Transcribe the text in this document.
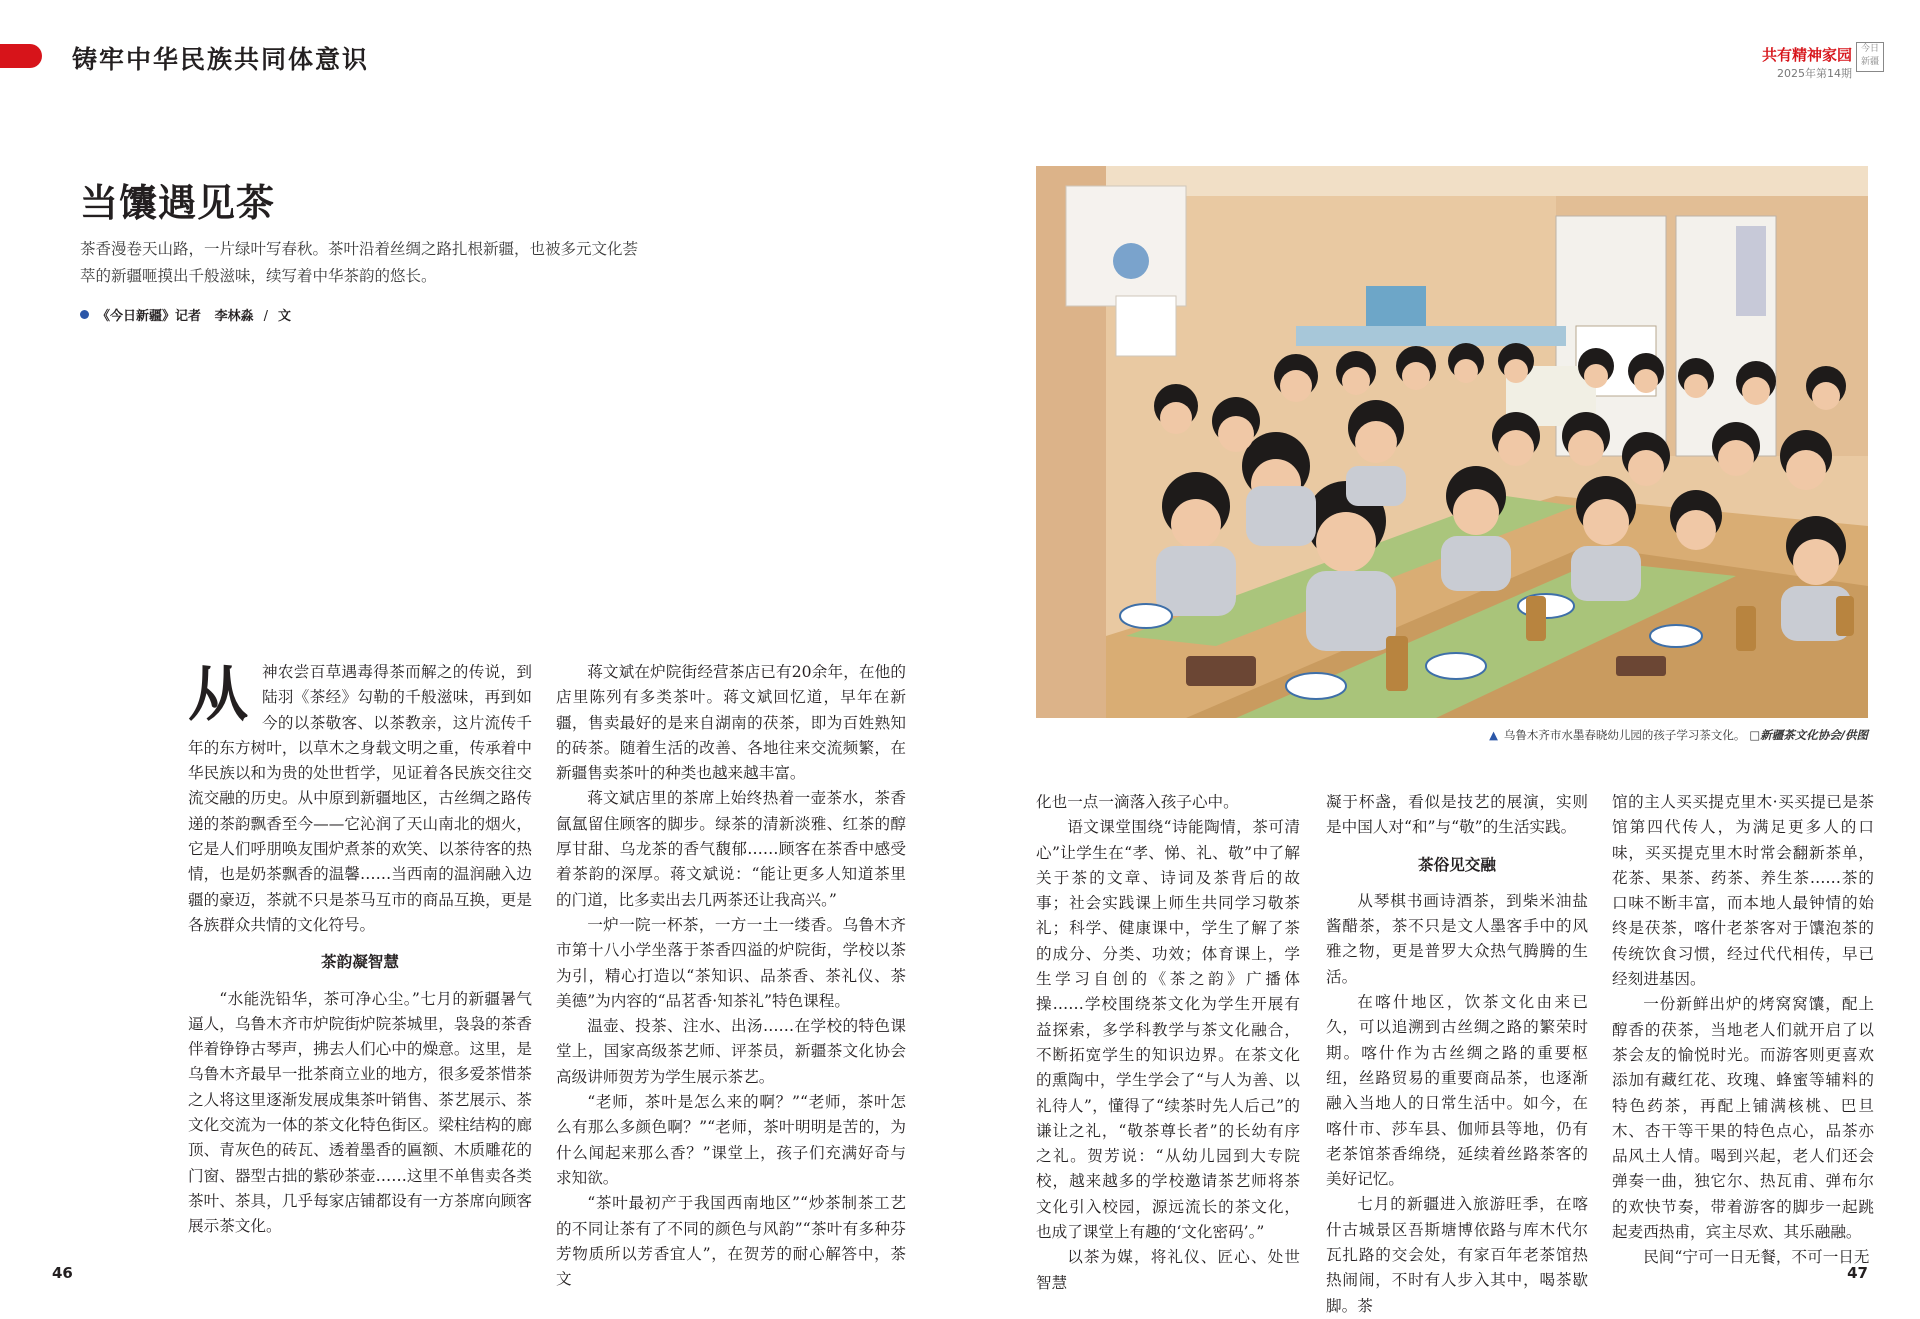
铸牢中华民族共同体意识	共有精神家园
2025年第14期
今日
新疆
当馕遇见茶
茶香漫卷天山路，一片绿叶写春秋。茶叶沿着丝绸之路扎根新疆，也被多元文化荟萃的新疆咂摸出千般滋味，续写着中华茶韵的悠长。
《今日新疆》记者 李林淼 / 文
▲ 乌鲁木齐市水墨春晓幼儿园的孩子学习茶文化。 □新疆茶文化协会/供图

从神农尝百草遇毒得茶而解之的传说，到陆羽《茶经》勾勒的千般滋味，再到如今的以茶敬客、以茶教亲，这片流传千年的东方树叶，以草木之身载文明之重，传承着中华民族以和为贵的处世哲学，见证着各民族交往交流交融的历史。从中原到新疆地区，古丝绸之路传递的茶韵飘香至今——它沁润了天山南北的烟火，它是人们呼朋唤友围炉煮茶的欢笑、以茶待客的热情，也是奶茶飘香的温馨……当西南的温润融入边疆的豪迈，茶就不只是茶马互市的商品互换，更是各族群众共情的文化符号。

茶韵凝智慧

“水能洗铅华，茶可净心尘。”七月的新疆暑气逼人，乌鲁木齐市炉院街炉院茶城里，袅袅的茶香伴着铮铮古琴声，拂去人们心中的燥意。这里，是乌鲁木齐最早一批茶商立业的地方，很多爱茶惜茶之人将这里逐渐发展成集茶叶销售、茶艺展示、茶文化交流为一体的茶文化特色街区。梁柱结构的廊顶、青灰色的砖瓦、透着墨香的匾额、木质雕花的门窗、器型古拙的紫砂茶壶……这里不单售卖各类茶叶、茶具，几乎每家店铺都设有一方茶席向顾客展示茶文化。

蒋文斌在炉院街经营茶店已有20余年，在他的店里陈列有多类茶叶。蒋文斌回忆道，早年在新疆，售卖最好的是来自湖南的茯茶，即为百姓熟知的砖茶。随着生活的改善、各地往来交流频繁，在新疆售卖茶叶的种类也越来越丰富。

蒋文斌店里的茶席上始终热着一壶茶水，茶香氤氲留住顾客的脚步。绿茶的清新淡雅、红茶的醇厚甘甜、乌龙茶的香气馥郁……顾客在茶香中感受着茶韵的深厚。蒋文斌说：“能让更多人知道茶里的门道，比多卖出去几两茶还让我高兴。”

一炉一院一杯茶，一方一土一缕香。乌鲁木齐市第十八小学坐落于茶香四溢的炉院街，学校以茶为引，精心打造以“茶知识、品茶香、茶礼仪、茶美德”为内容的“品茗香·知茶礼”特色课程。

温壶、投茶、注水、出汤……在学校的特色课堂上，国家高级茶艺师、评茶员，新疆茶文化协会高级讲师贺芳为学生展示茶艺。

“老师，茶叶是怎么来的啊？”“老师，茶叶怎么有那么多颜色啊？”“老师，茶叶明明是苦的，为什么闻起来那么香？”课堂上，孩子们充满好奇与求知欲。

“茶叶最初产于我国西南地区”“炒茶制茶工艺的不同让茶有了不同的颜色与风韵”“茶叶有多种芬芳物质所以芳香宜人”，在贺芳的耐心解答中，茶文

化也一点一滴落入孩子心中。

语文课堂围绕“诗能陶情，茶可清心”让学生在“孝、悌、礼、敬”中了解关于茶的文章、诗词及茶背后的故事；社会实践课上师生共同学习敬茶礼；科学、健康课中，学生了解了茶的成分、分类、功效；体育课上，学生学习自创的《茶之韵》广播体操……学校围绕茶文化为学生开展有益探索，多学科教学与茶文化融合，不断拓宽学生的知识边界。在茶文化的熏陶中，学生学会了“与人为善、以礼待人”，懂得了“续茶时先人后己”的谦让之礼，“敬茶尊长者”的长幼有序之礼。贺芳说：“从幼儿园到大专院校，越来越多的学校邀请茶艺师将茶文化引入校园，源远流长的茶文化，也成了课堂上有趣的‘文化密码’。”

以茶为媒，将礼仪、匠心、处世智慧

凝于杯盏，看似是技艺的展演，实则是中国人对“和”与“敬”的生活实践。

茶俗见交融

从琴棋书画诗酒茶，到柴米油盐酱醋茶，茶不只是文人墨客手中的风雅之物，更是普罗大众热气腾腾的生活。

在喀什地区，饮茶文化由来已久，可以追溯到古丝绸之路的繁荣时期。喀什作为古丝绸之路的重要枢纽，丝路贸易的重要商品茶，也逐渐融入当地人的日常生活中。如今，在喀什市、莎车县、伽师县等地，仍有老茶馆茶香绵绕，延续着丝路茶客的美好记忆。

七月的新疆进入旅游旺季，在喀什古城景区吾斯塘博依路与库木代尔瓦扎路的交会处，有家百年老茶馆热热闹闹，不时有人步入其中，喝茶歇脚。茶

馆的主人买买提克里木·买买提已是茶馆第四代传人，为满足更多人的口味，买买提克里木时常会翻新茶单，花茶、果茶、药茶、养生茶……茶的口味不断丰富，而本地人最钟情的始终是茯茶，喀什老茶客对于馕泡茶的传统饮食习惯，经过代代相传，早已经刻进基因。

一份新鲜出炉的烤窝窝馕，配上醇香的茯茶，当地老人们就开启了以茶会友的愉悦时光。而游客则更喜欢添加有藏红花、玫瑰、蜂蜜等辅料的特色药茶，再配上铺满核桃、巴旦木、杏干等干果的特色点心，品茶亦品风土人情。喝到兴起，老人们还会弹奏一曲，独它尔、热瓦甫、弹布尔的欢快节奏，带着游客的脚步一起跳起麦西热甫，宾主尽欢、其乐融融。

民间“宁可一日无餐，不可一日无

46	47
